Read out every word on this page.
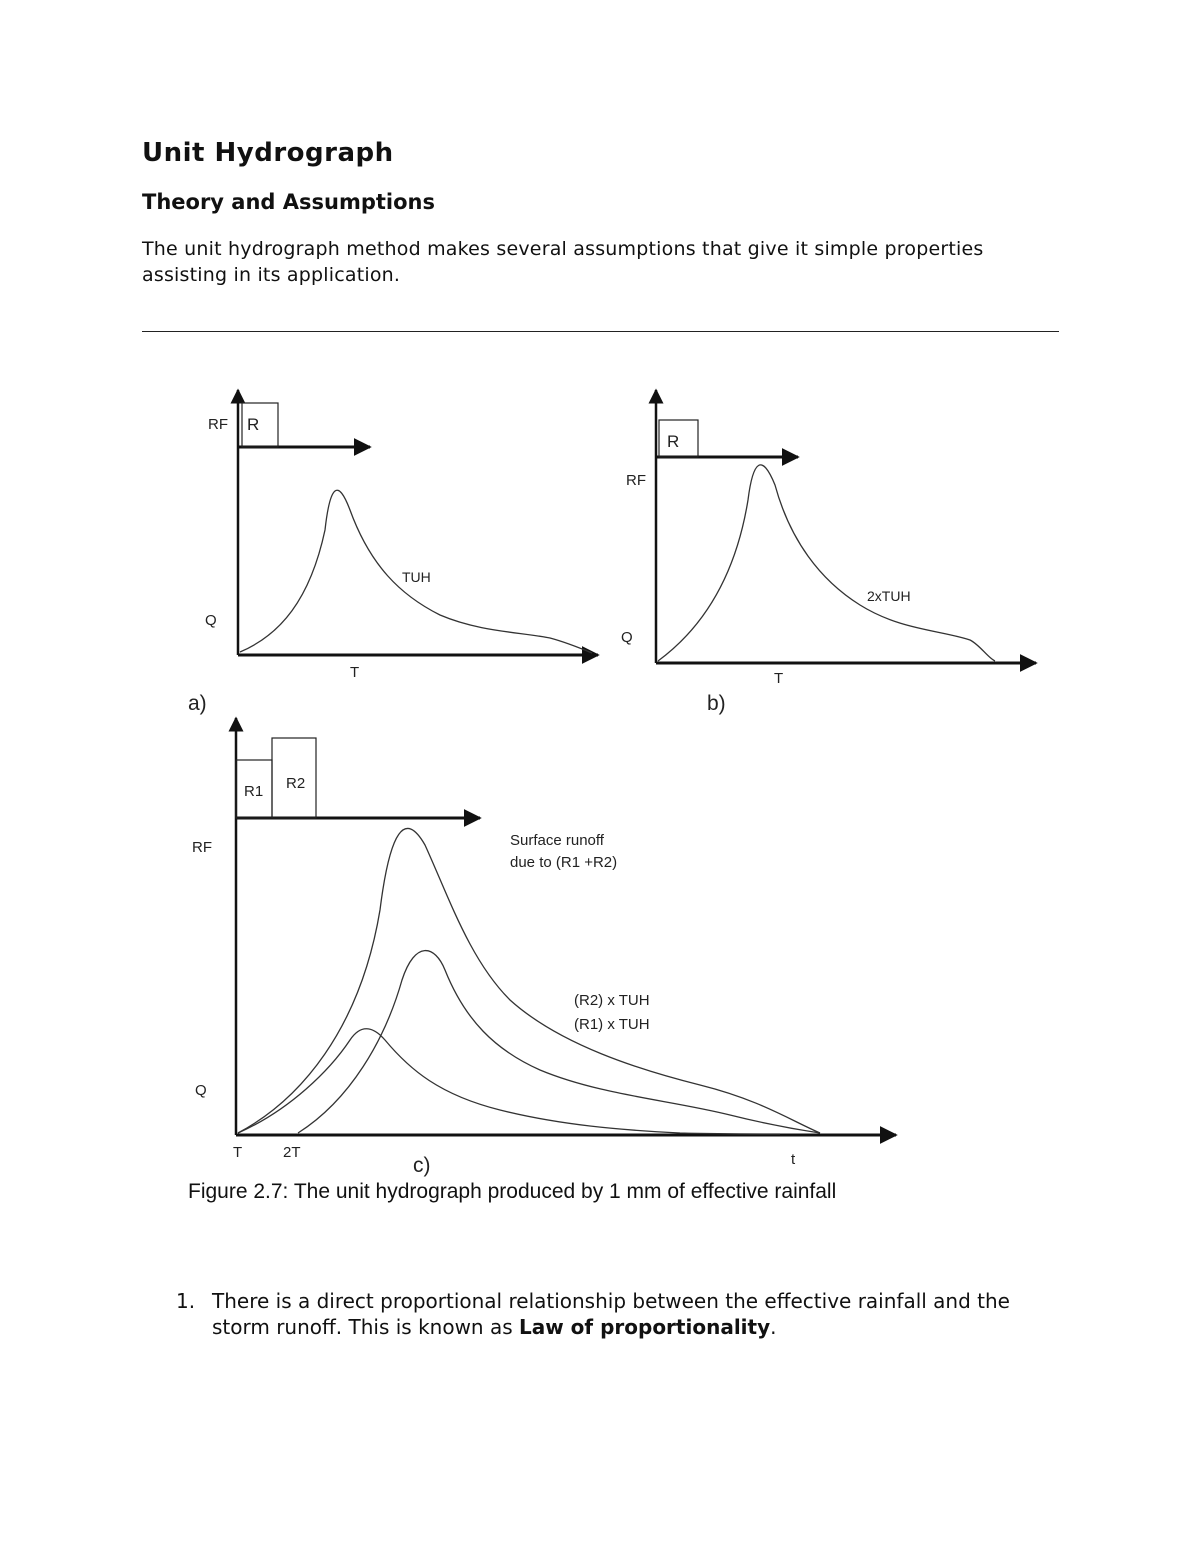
Unit Hydrograph
Theory and Assumptions

The unit hydrograph method makes several assumptions that give it simple properties assisting in its application.

R
RF
Q
T
TUH
a)
R
RF
Q
T
2xTUH
b)
R1 R2
RF
Q
T	2T	t
Surface runoff
due to (R1 +R2)
(R2) x TUH
(R1) x TUH
c)

Figure 2.7: The unit hydrograph produced by 1 mm of effective rainfall

1. There is a direct proportional relationship between the effective rainfall and the storm runoff. This is known as Law of proportionality.
